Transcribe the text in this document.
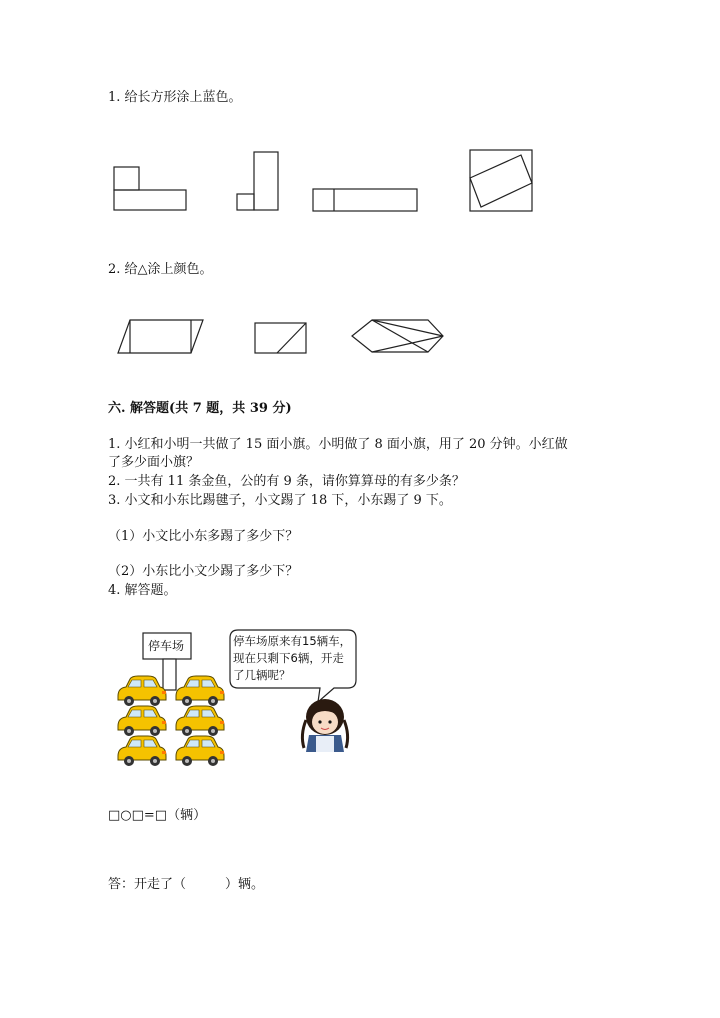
1. 给长方形涂上蓝色。
2. 给△涂上颜色。
六. 解答题(共 7 题，共 39 分)
1. 小红和小明一共做了 15 面小旗。小明做了 8 面小旗，用了 20 分钟。小红做
了多少面小旗？
2. 一共有 11 条金鱼，公的有 9 条，请你算算母的有多少条？
3. 小文和小东比踢毽子，小文踢了 18 下，小东踢了 9 下。
（1）小文比小东多踢了多少下？
（2）小东比小文少踢了多少下？
4. 解答题。
□○□=□（辆）
答：开走了（　　　）辆。
停车场	停车场原来有15辆车，
现在只剩下6辆，开走
了几辆呢？
